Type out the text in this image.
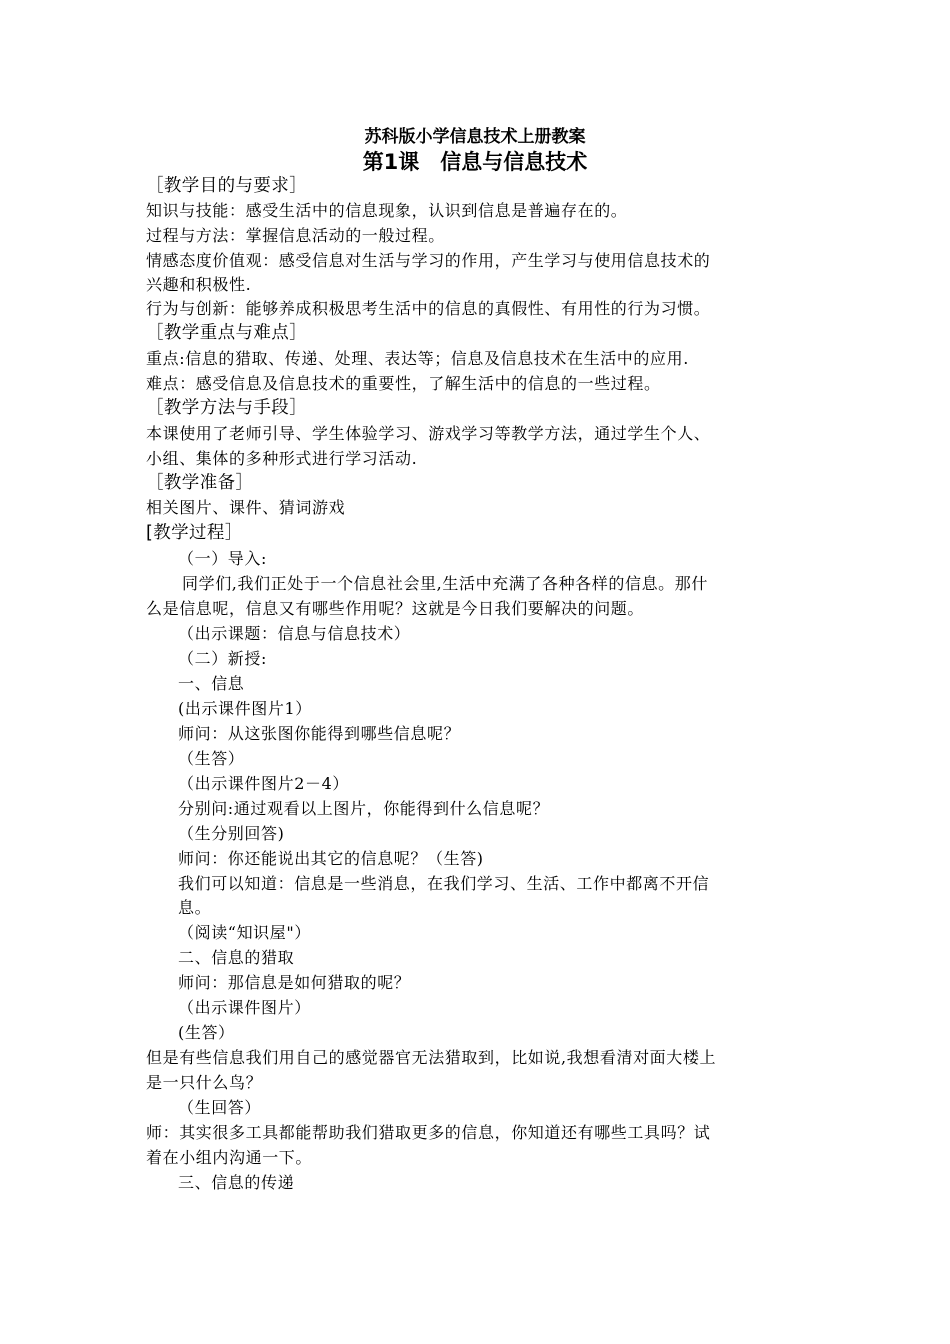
苏科版小学信息技术上册教案
第1课　信息与信息技术
［教学目的与要求］
知识与技能：感受生活中的信息现象，认识到信息是普遍存在的。
过程与方法：掌握信息活动的一般过程。
情感态度价值观：感受信息对生活与学习的作用，产生学习与使用信息技术的
兴趣和积极性.
行为与创新：能够养成积极思考生活中的信息的真假性、有用性的行为习惯。
［教学重点与难点］
重点:信息的猎取、传递、处理、表达等；信息及信息技术在生活中的应用.
难点：感受信息及信息技术的重要性，了解生活中的信息的一些过程。
［教学方法与手段］
本课使用了老师引导、学生体验学习、游戏学习等教学方法，通过学生个人、
小组、集体的多种形式进行学习活动.
［教学准备］
相关图片、课件、猜词游戏
[教学过程］
（一）导入:
同学们,我们正处于一个信息社会里,生活中充满了各种各样的信息。那什
么是信息呢，信息又有哪些作用呢？这就是今日我们要解决的问题。
（出示课题：信息与信息技术）
（二）新授:
一、信息
(出示课件图片1）
师问：从这张图你能得到哪些信息呢？
（生答）
（出示课件图片2－4）
分别问:通过观看以上图片，你能得到什么信息呢？
（生分别回答)
师问：你还能说出其它的信息呢？（生答)
我们可以知道：信息是一些消息，在我们学习、生活、工作中都离不开信
息。
（阅读“知识屋"）
二、信息的猎取
师问：那信息是如何猎取的呢？
（出示课件图片）
(生答）
但是有些信息我们用自己的感觉器官无法猎取到，比如说,我想看清对面大楼上
是一只什么鸟？
（生回答）
师：其实很多工具都能帮助我们猎取更多的信息，你知道还有哪些工具吗？试
着在小组内沟通一下。
三、信息的传递
